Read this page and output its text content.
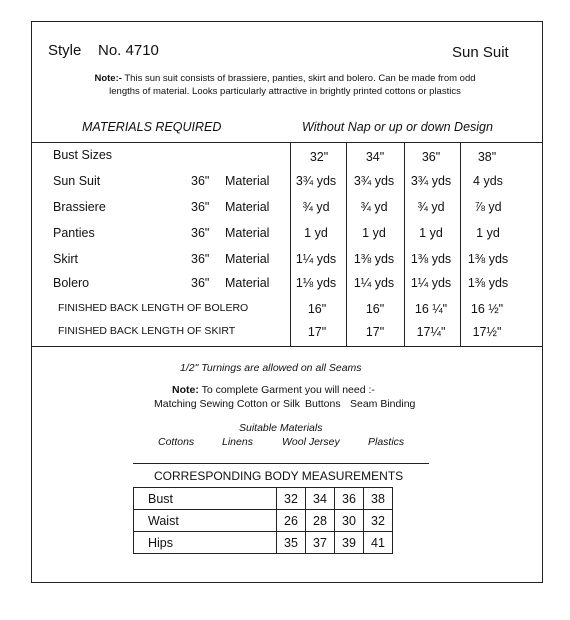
Style No. 4710	Sun Suit
Note:- This sun suit consists of brassiere, panties, skirt and bolero. Can be made from odd lengths of material. Looks particularly attractive in brightly printed cottons or plastics
MATERIALS REQUIRED	Without Nap or up or down Design
Bust Sizes	32"	34"	36"	38"
Sun Suit	36" Material	3¾ yds	3¾ yds	3¾ yds	4 yds
Brassiere	36" Material	¾ yd	¾ yd	¾ yd	⅞ yd
Panties	36" Material	1 yd	1 yd	1 yd	1 yd
Skirt	36" Material	1¼ yds	1⅜ yds	1⅜ yds	1⅜ yds
Bolero	36" Material	1⅛ yds	1¼ yds	1¼ yds	1⅜ yds
FINISHED BACK LENGTH OF BOLERO	16"	16"	16 ¼"	16 ½"
FINISHED BACK LENGTH OF SKIRT	17"	17"	17¼"	17½"
1/2" Turnings are allowed on all Seams
Note: To complete Garment you will need :-
Matching Sewing Cotton or Silk Buttons Seam Binding
Suitable Materials
Cottons	Linens	Wool Jersey	Plastics
CORRESPONDING BODY MEASUREMENTS
Bust	32	34	36	38
Waist	26	28	30	32
Hips	35	37	39	41
